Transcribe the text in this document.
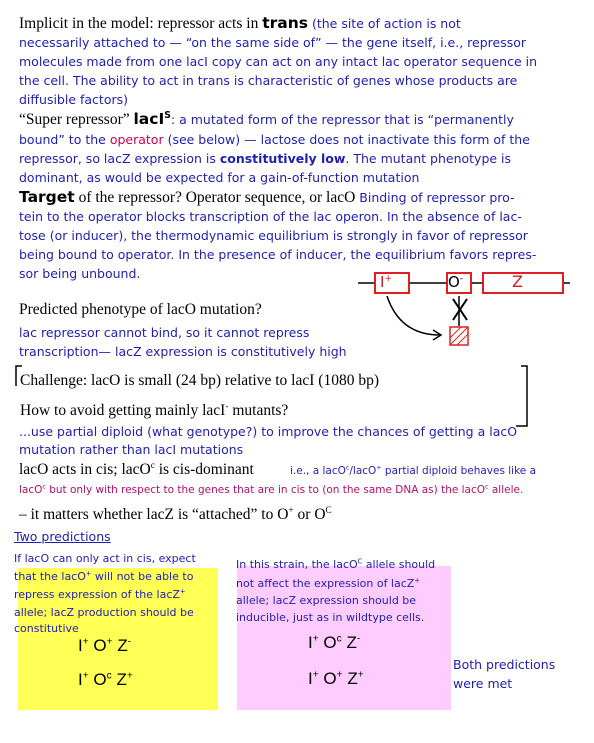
Implicit in the model: repressor acts in trans (the site of action is not
necessarily attached to — “on the same side of” — the gene itself, i.e., repressor
molecules made from one lacI copy can act on any intact lac operator sequence in
the cell. The ability to act in trans is characteristic of genes whose products are
diffusible factors)
“Super repressor” lacI$^S$: a mutated form of the repressor that is “permanently
bound” to the operator (see below) — lactose does not inactivate this form of the
repressor, so lacZ expression is constitutively low. The mutant phenotype is
dominant, as would be expected for a gain-of-function mutation
Target of the repressor? Operator sequence, or lacO Binding of repressor pro-
tein to the operator blocks transcription of the lac operon. In the absence of lac-
tose (or inducer), the thermodynamic equilibrium is strongly in favor of repressor
being bound to operator. In the presence of inducer, the equilibrium favors repres-
sor being unbound.	I+	O-	Z
Predicted phenotype of lacO mutation?
lac repressor cannot bind, so it cannot repress
transcription— lacZ expression is constitutively high
Challenge: lacO is small (24 bp) relative to lacI (1080 bp)
How to avoid getting mainly lacI- mutants?
...use partial diploid (what genotype?) to improve the chances of getting a lacO
mutation rather than lacI mutations
lacO acts in cis; lacO$^c$ is cis-dominant	i.e., a lacO$^c$/lacO+ partial diploid behaves like a
lacO$^c$ but only with respect to the genes that are in cis to (on the same DNA as) the lacO$^c$ allele.
– it matters whether lacZ is “attached” to O+ or $O^C$
Two predictions
If lacO can only act in cis, expect
that the lacO+ will not be able to
repress expression of the lacZ+
allele; lacZ production should be
constitutive
I+ O+ Z-
I+ $O^c$ Z+
In this strain, the lacO$^C$ allele should
not affect the expression of lacZ+
allele; lacZ expression should be
inducible, just as in wildtype cells.
I+ $O^c$ Z-
I+ O+ Z+
Both predictions
were met
